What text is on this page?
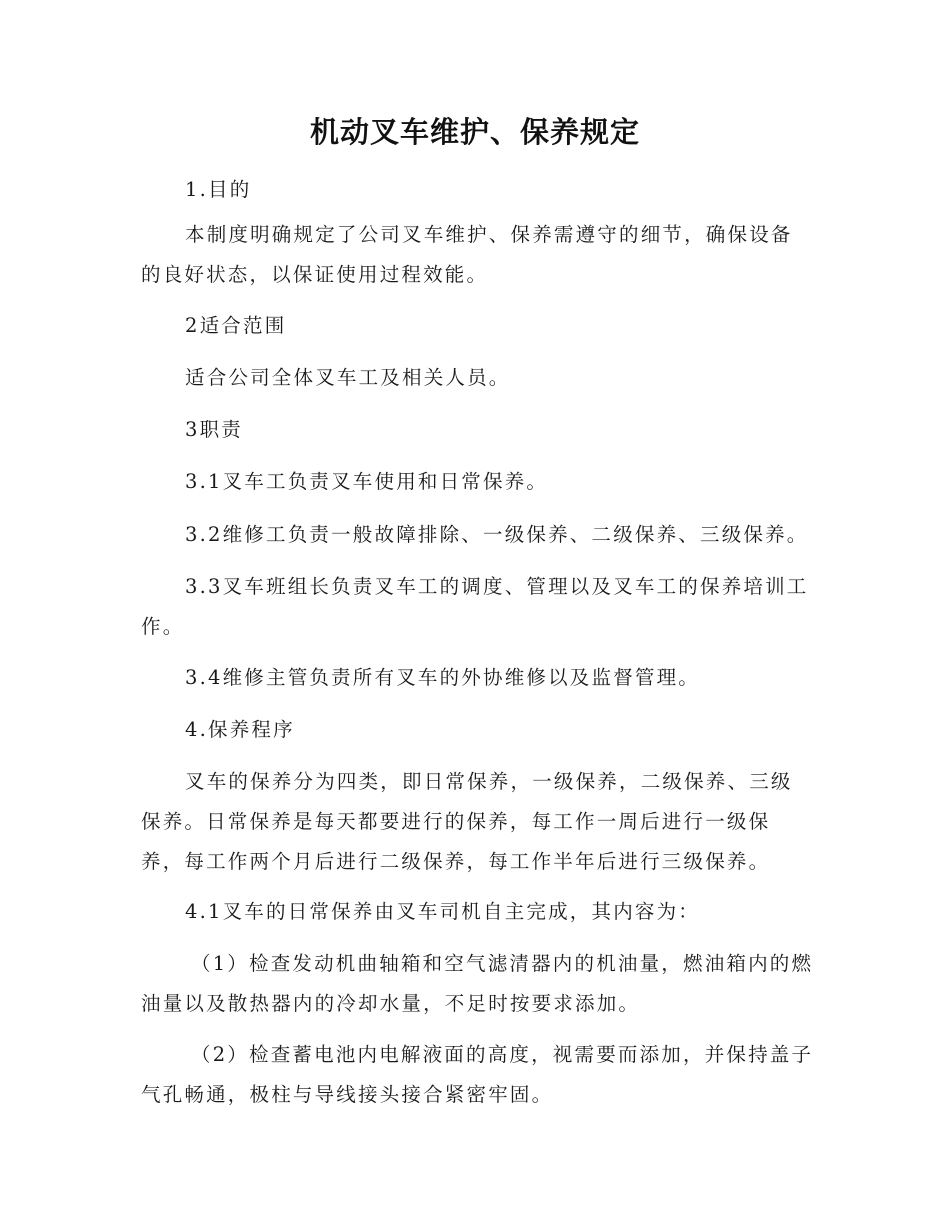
机动叉车维护、保养规定
1.目的
本制度明确规定了公司叉车维护、保养需遵守的细节，确保设备
的良好状态，以保证使用过程效能。
2适合范围
适合公司全体叉车工及相关人员。
3职责
3.1叉车工负责叉车使用和日常保养。
3.2维修工负责一般故障排除、一级保养、二级保养、三级保养。
3.3叉车班组长负责叉车工的调度、管理以及叉车工的保养培训工
作。
3.4维修主管负责所有叉车的外协维修以及监督管理。
4.保养程序
叉车的保养分为四类，即日常保养，一级保养，二级保养、三级
保养。日常保养是每天都要进行的保养，每工作一周后进行一级保
养，每工作两个月后进行二级保养，每工作半年后进行三级保养。
4.1叉车的日常保养由叉车司机自主完成，其内容为：
（1）检查发动机曲轴箱和空气滤清器内的机油量，燃油箱内的燃
油量以及散热器内的冷却水量，不足时按要求添加。
（2）检查蓄电池内电解液面的高度，视需要而添加，并保持盖子
气孔畅通，极柱与导线接头接合紧密牢固。
